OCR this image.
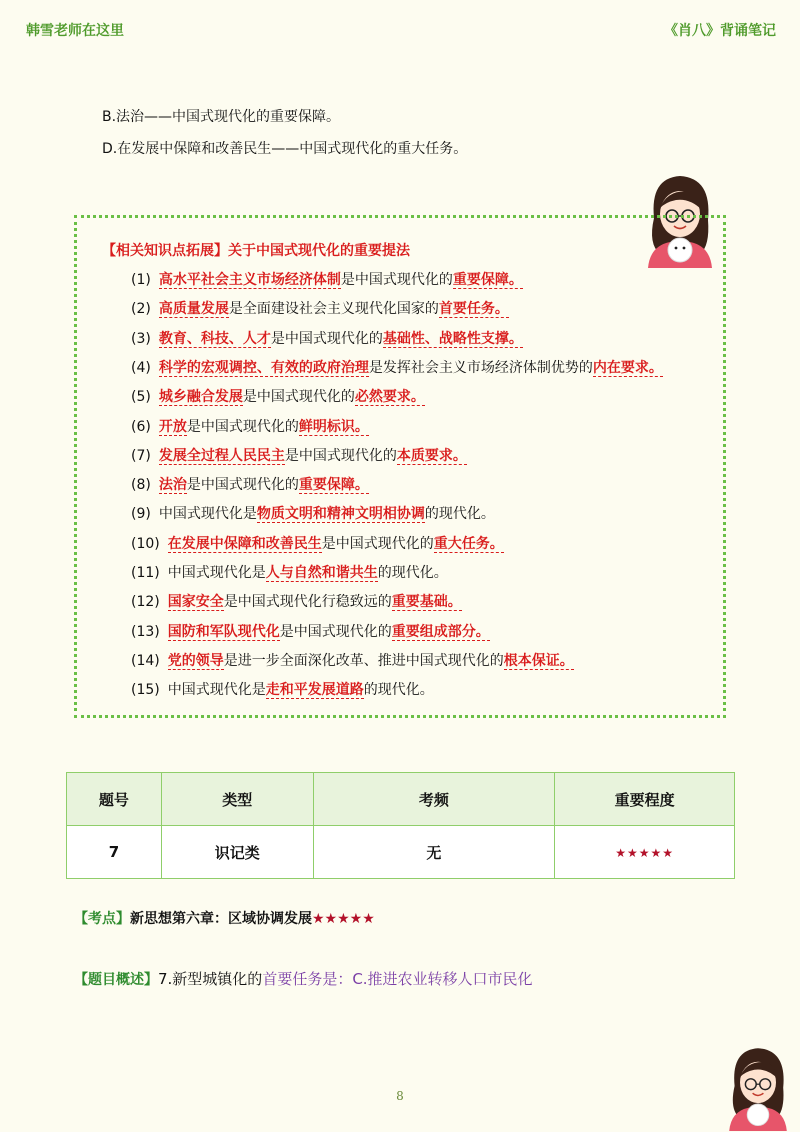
韩雪老师在这里	《肖八》背诵笔记
B.法治——中国式现代化的重要保障。
D.在发展中保障和改善民生——中国式现代化的重大任务。
【相关知识点拓展】关于中国式现代化的重要提法
(1) 高水平社会主义市场经济体制是中国式现代化的重要保障。
(2) 高质量发展是全面建设社会主义现代化国家的首要任务。
(3) 教育、科技、人才是中国式现代化的基础性、战略性支撑。
(4) 科学的宏观调控、有效的政府治理是发挥社会主义市场经济体制优势的内在要求。
(5) 城乡融合发展是中国式现代化的必然要求。
(6) 开放是中国式现代化的鲜明标识。
(7) 发展全过程人民民主是中国式现代化的本质要求。
(8) 法治是中国式现代化的重要保障。
(9) 中国式现代化是物质文明和精神文明相协调的现代化。
(10) 在发展中保障和改善民生是中国式现代化的重大任务。
(11) 中国式现代化是人与自然和谐共生的现代化。
(12) 国家安全是中国式现代化行稳致远的重要基础。
(13) 国防和军队现代化是中国式现代化的重要组成部分。
(14) 党的领导是进一步全面深化改革、推进中国式现代化的根本保证。
(15) 中国式现代化是走和平发展道路的现代化。
题号	类型	考频	重要程度
7	识记类	无	★★★★★
【考点】新思想第六章：区域协调发展★★★★★
【题目概述】7.新型城镇化的首要任务是：C.推进农业转移人口市民化
8
